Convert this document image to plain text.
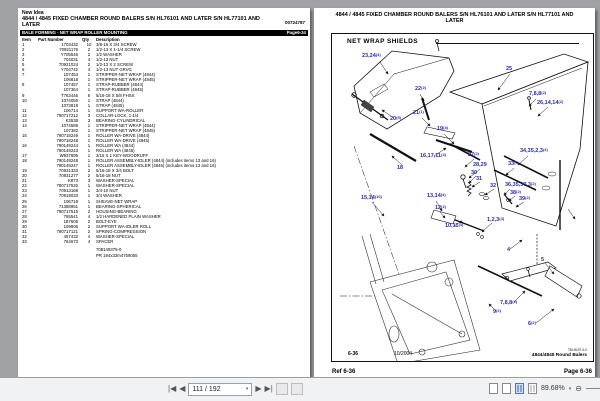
New Idea
4844 / 4845 FIXED CHAMBER ROUND BALERS S/N HL76101 AND LATER S/N HL77101 AND
LATER	00724787
BALE FORMING - NET WRAP ROLLER MOUNTING	Page6-34
Item	Part Number	Qty	Description
1	1703432	10	3/8-16 X 3/4 SCREW
2	70921176	2	1/2-13 X 1-1/4 SCREW
3	Y705546	2	1/2 WASHER
4	704031	4	1/2-13 NUT
5	70921024	2	1/2-13 X 2 SCREW
6	Y704742	4	1/2-13 NUT GRVG
7	107453	1	STRIPPER-NET WRAP (4844)
	106818	1	STRIPPER-NET WRAP (4845)
8	107457	1	STRAP-RUBBER (4844)
	107364	1	STRAP-RUBBER (4845)
9	T763446	6	5/16-18 X 5/8 FHSS
10	1074055	1	STRAP (4844)
	1073818	1	STRAP (4845)
11	106714	1	SUPPORT WA-ROLLER
12	790717212	3	COLLAR-LOCK, 1-1/4
13	K3538	3	BEARING-CYLINDRICAL
14	1074588	1	STRIPPER-NET WRAP (4844)
	107382	1	STRIPPER-NET WRAP (4845)
15	790718249	1	ROLLER WA-DRIVE (4844)
	790718248	1	ROLLER WA-DRIVE (4845)
16	790149244	1	ROLLER WA (4844)
	790149243	1	ROLLER WA (4845)
17	W937695	1	3/16 X 1 KEY-WOODRUFF
18	790149248	1	ROLLER ASSEMBLY-IDLER (4844) (includes items 13 and 16)
	790149247	1	ROLLER ASSEMBLY-IDLER (4845) (includes items 13 and 16)
19	70931333	2	5/16-18 X 3/4 BOLT
20	70931277	2	5/16-18 NUT
21	K873	3	WASHER-SPECIAL
22	790717532	1	WASHER-SPECIAL
23	70913168	1	3/4-10 NUT
24	70919033	1	3/4 WASHER
25	106718	1	SHEAVE-NET WRAP
26	71388951	1	BEARING-SPHERICAL
27	790717515	2	HOUSING-BEARING
28	765541	4	1/2 HARDENED PLAIN WASHER
29	187605	2	BOLT-EYE
30	109806	2	SUPPORT WA-IDLER ROLL
31	790717121	2	SPRING-COMPRESSION
32	457432	4	WASHER-SPECIAL
33	764673	4	SPACER
708149375-0
PR 194x33m47b9055
4844 / 4845 FIXED CHAMBER ROUND BALERS S/N HL76101 AND LATER S/N HL77101 AND
LATER
NET WRAP SHIELDS
23,24$^{(4)}$
22$^{(2)}$
21$^{(1)}$
20$^{(5)}$
19$^{(4)}$
25
7,8,8$^{(2)}$
26,14,14$^{(2)}$
16,17,11$^{(4)}$
18
15,14$^{(10)}$	13,14$^{(4)}$
12$^{(2)}$
10,11$^{(4)}$
34,35,2,3$^{(4)}$
33$^{(4)}$
27$^{(2)}$
28,29
30
31
32 36,35,37,3$^{(2)}$
38$^{(2)}$
39$^{(2)}$
1,2,3$^{(4)}$
4
5
7,8,8$^{(2)}$
9$^{(2)}$
6$^{(2)}$
6-36	10/2004
TM-HL97-0-0
4844/4845 Round Balers
Ref 6-36	Page 6-36
|◀ ◀ 111 / 192	▾ ▶ ▶|	89.68% ▾ ⊖
